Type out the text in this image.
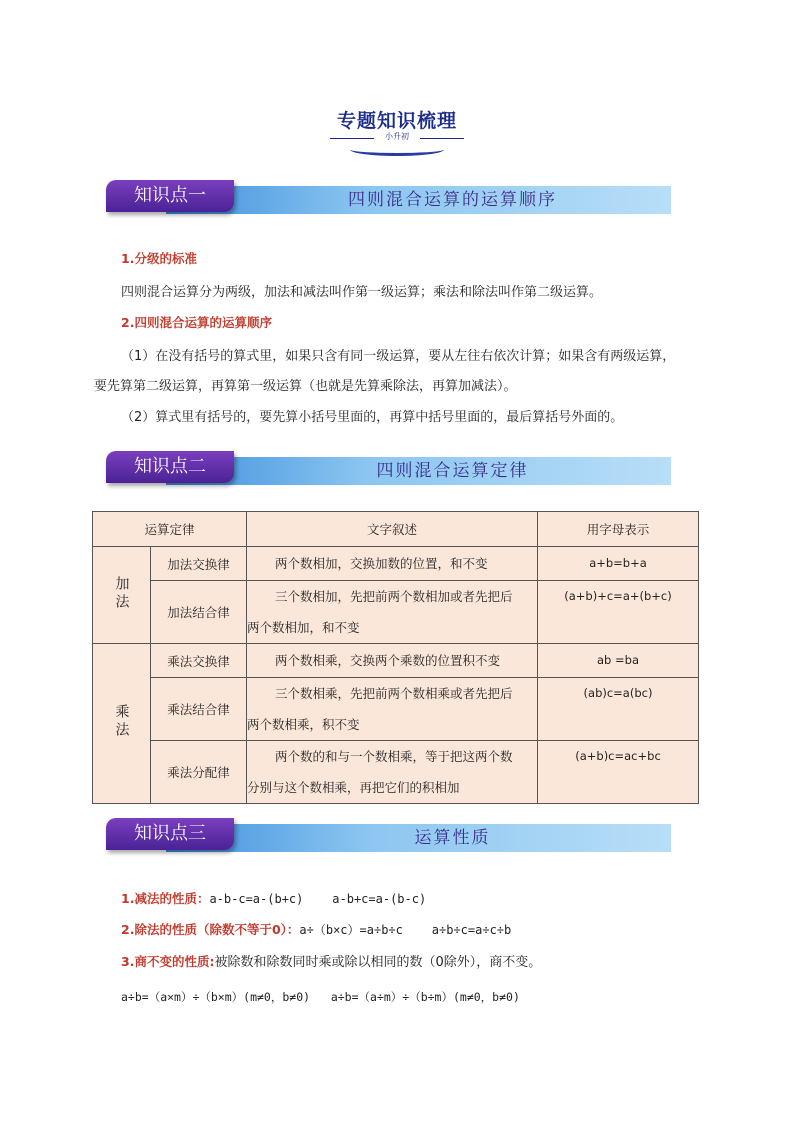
专题知识梳理
小升初
四则混合运算的运算顺序
知识点一
1.分级的标准
四则混合运算分为两级，加法和减法叫作第一级运算；乘法和除法叫作第二级运算。
2.四则混合运算的运算顺序
（1）在没有括号的算式里，如果只含有同一级运算，要从左往右依次计算；如果含有两级运算，
要先算第二级运算，再算第一级运算（也就是先算乘除法，再算加减法）。
（2）算式里有括号的，要先算小括号里面的，再算中括号里面的，最后算括号外面的。
四则混合运算定律
知识点二
运算定律		文字叙述	用字母表示
加法	加法交换律	两个数相加，交换加数的位置，和不变	a+b=b+a
	加法结合律	三个数相加，先把前两个数相加或者先把后
两个数相加，和不变	(a+b)+c=a+(b+c)
乘法	乘法交换律	两个数相乘，交换两个乘数的位置积不变	ab =ba
	乘法结合律	三个数相乘，先把前两个数相乘或者先把后
两个数相乘，积不变	(ab)c=a(bc)
	乘法分配律	两个数的和与一个数相乘，等于把这两个数
分别与这个数相乘，再把它们的积相加	(a+b)c=ac+bc
运算性质
知识点三
1.减法的性质：a-b-c=a-(b+c)    a-b+c=a-(b-c)
2.除法的性质（除数不等于0）：a÷（b×c）=a÷b÷c    a÷b÷c=a÷c÷b
3.商不变的性质:被除数和除数同时乘或除以相同的数（0除外），商不变。
a÷b=（a×m）÷（b×m）(m≠0，b≠0)   a÷b=（a÷m）÷（b÷m）(m≠0，b≠0)
